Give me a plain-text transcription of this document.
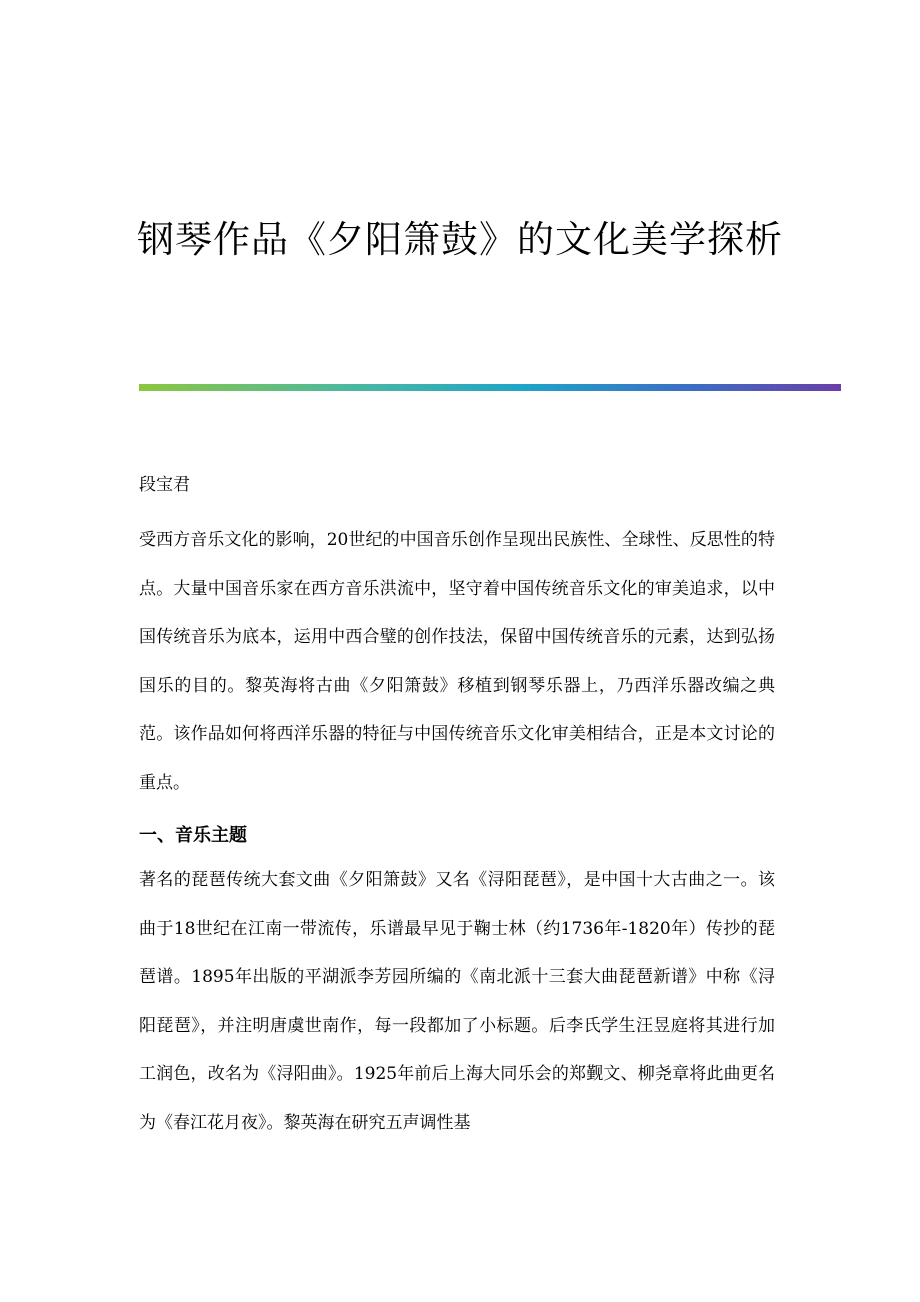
钢琴作品《夕阳箫鼓》的文化美学探析

段宝君

受西方音乐文化的影响，20世纪的中国音乐创作呈现出民族性、全球性、反思性的特点。大量中国音乐家在西方音乐洪流中，坚守着中国传统音乐文化的审美追求，以中国传统音乐为底本，运用中西合璧的创作技法，保留中国传统音乐的元素，达到弘扬国乐的目的。黎英海将古曲《夕阳箫鼓》移植到钢琴乐器上，乃西洋乐器改编之典范。该作品如何将西洋乐器的特征与中国传统音乐文化审美相结合，正是本文讨论的重点。

一、音乐主题

著名的琵琶传统大套文曲《夕阳箫鼓》又名《浔阳琵琶》，是中国十大古曲之一。该曲于18世纪在江南一带流传，乐谱最早见于鞠士林（约1736年-1820年）传抄的琵琶谱。1895年出版的平湖派李芳园所编的《南北派十三套大曲琵琶新谱》中称《浔阳琵琶》，并注明唐虞世南作，每一段都加了小标题。后李氏学生汪昱庭将其进行加工润色，改名为《浔阳曲》。1925年前后上海大同乐会的郑觐文、柳尧章将此曲更名为《春江花月夜》。黎英海在研究五声调性基
